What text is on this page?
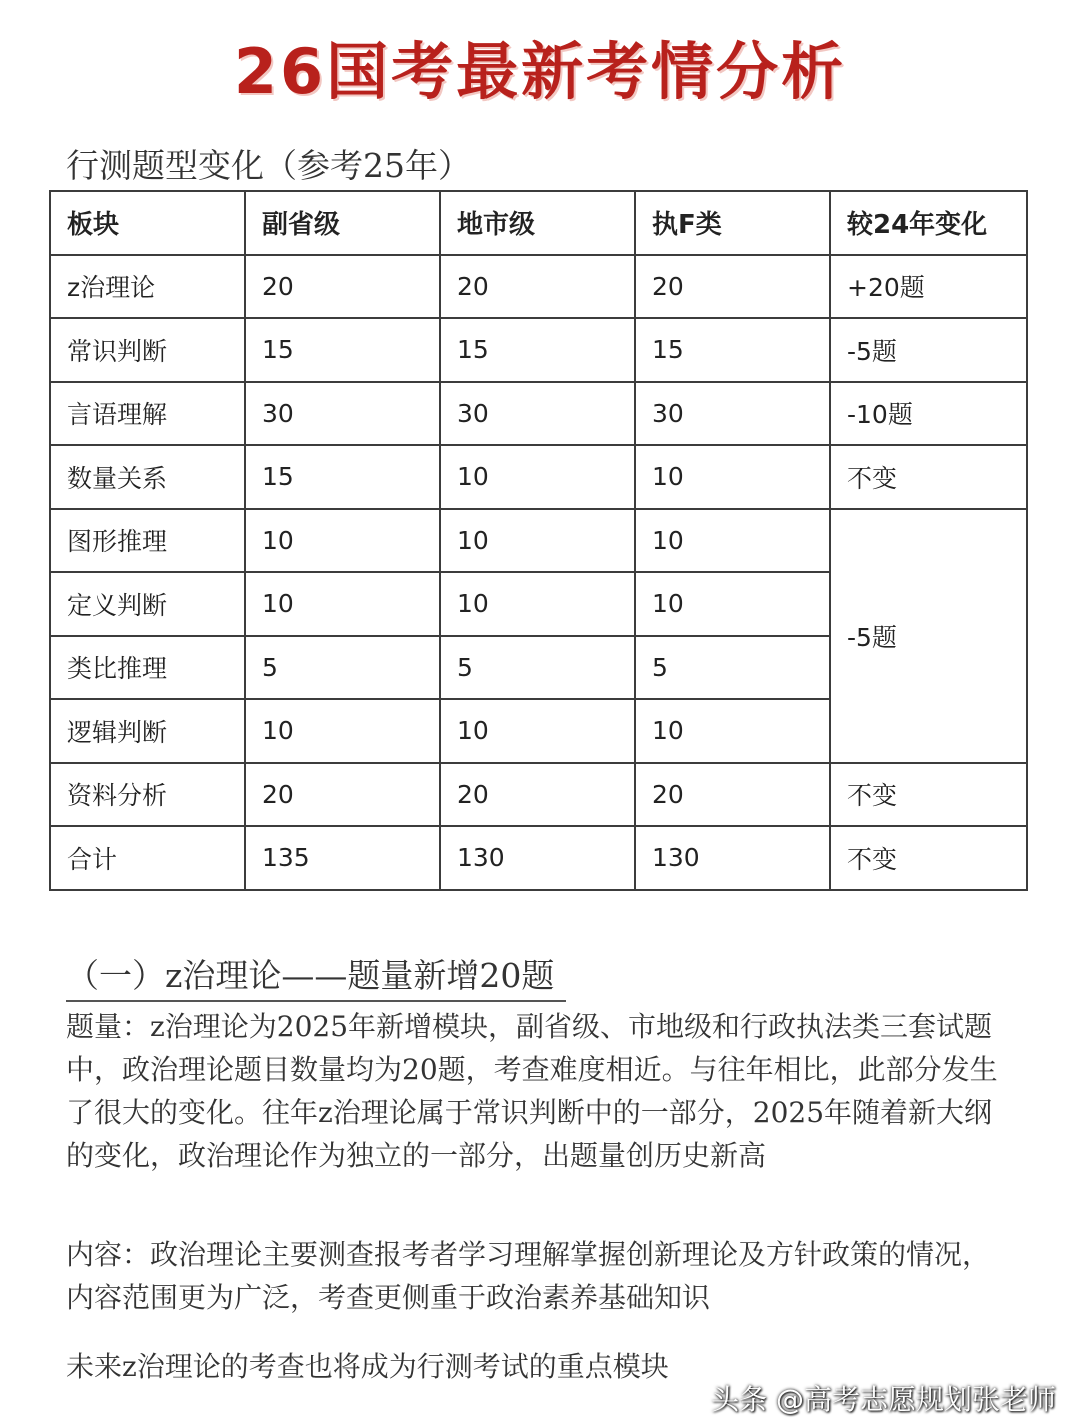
26国考最新考情分析
行测题型变化（参考25年）
板块	副省级	地市级	执F类	较24年变化
z治理论	20	20	20	+20题
常识判断	15	15	15	-5题
言语理解	30	30	30	-10题
数量关系	15	10	10	不变
图形推理	10	10	10	-5题
定义判断	10	10	10	
类比推理	5	5	5	
逻辑判断	10	10	10	
资料分析	20	20	20	不变
合计	135	130	130	不变
（一）z治理论——题量新增20题

题量：z治理论为2025年新增模块，副省级、市地级和行政执法类三套试题中，政治理论题目数量均为20题，考查难度相近。与往年相比，此部分发生了很大的变化。往年z治理论属于常识判断中的一部分，2025年随着新大纲的变化，政治理论作为独立的一部分，出题量创历史新高

内容：政治理论主要测查报考者学习理解掌握创新理论及方针政策的情况，内容范围更为广泛，考查更侧重于政治素养基础知识

未来z治理论的考查也将成为行测考试的重点模块

头条 @高考志愿规划张老师
